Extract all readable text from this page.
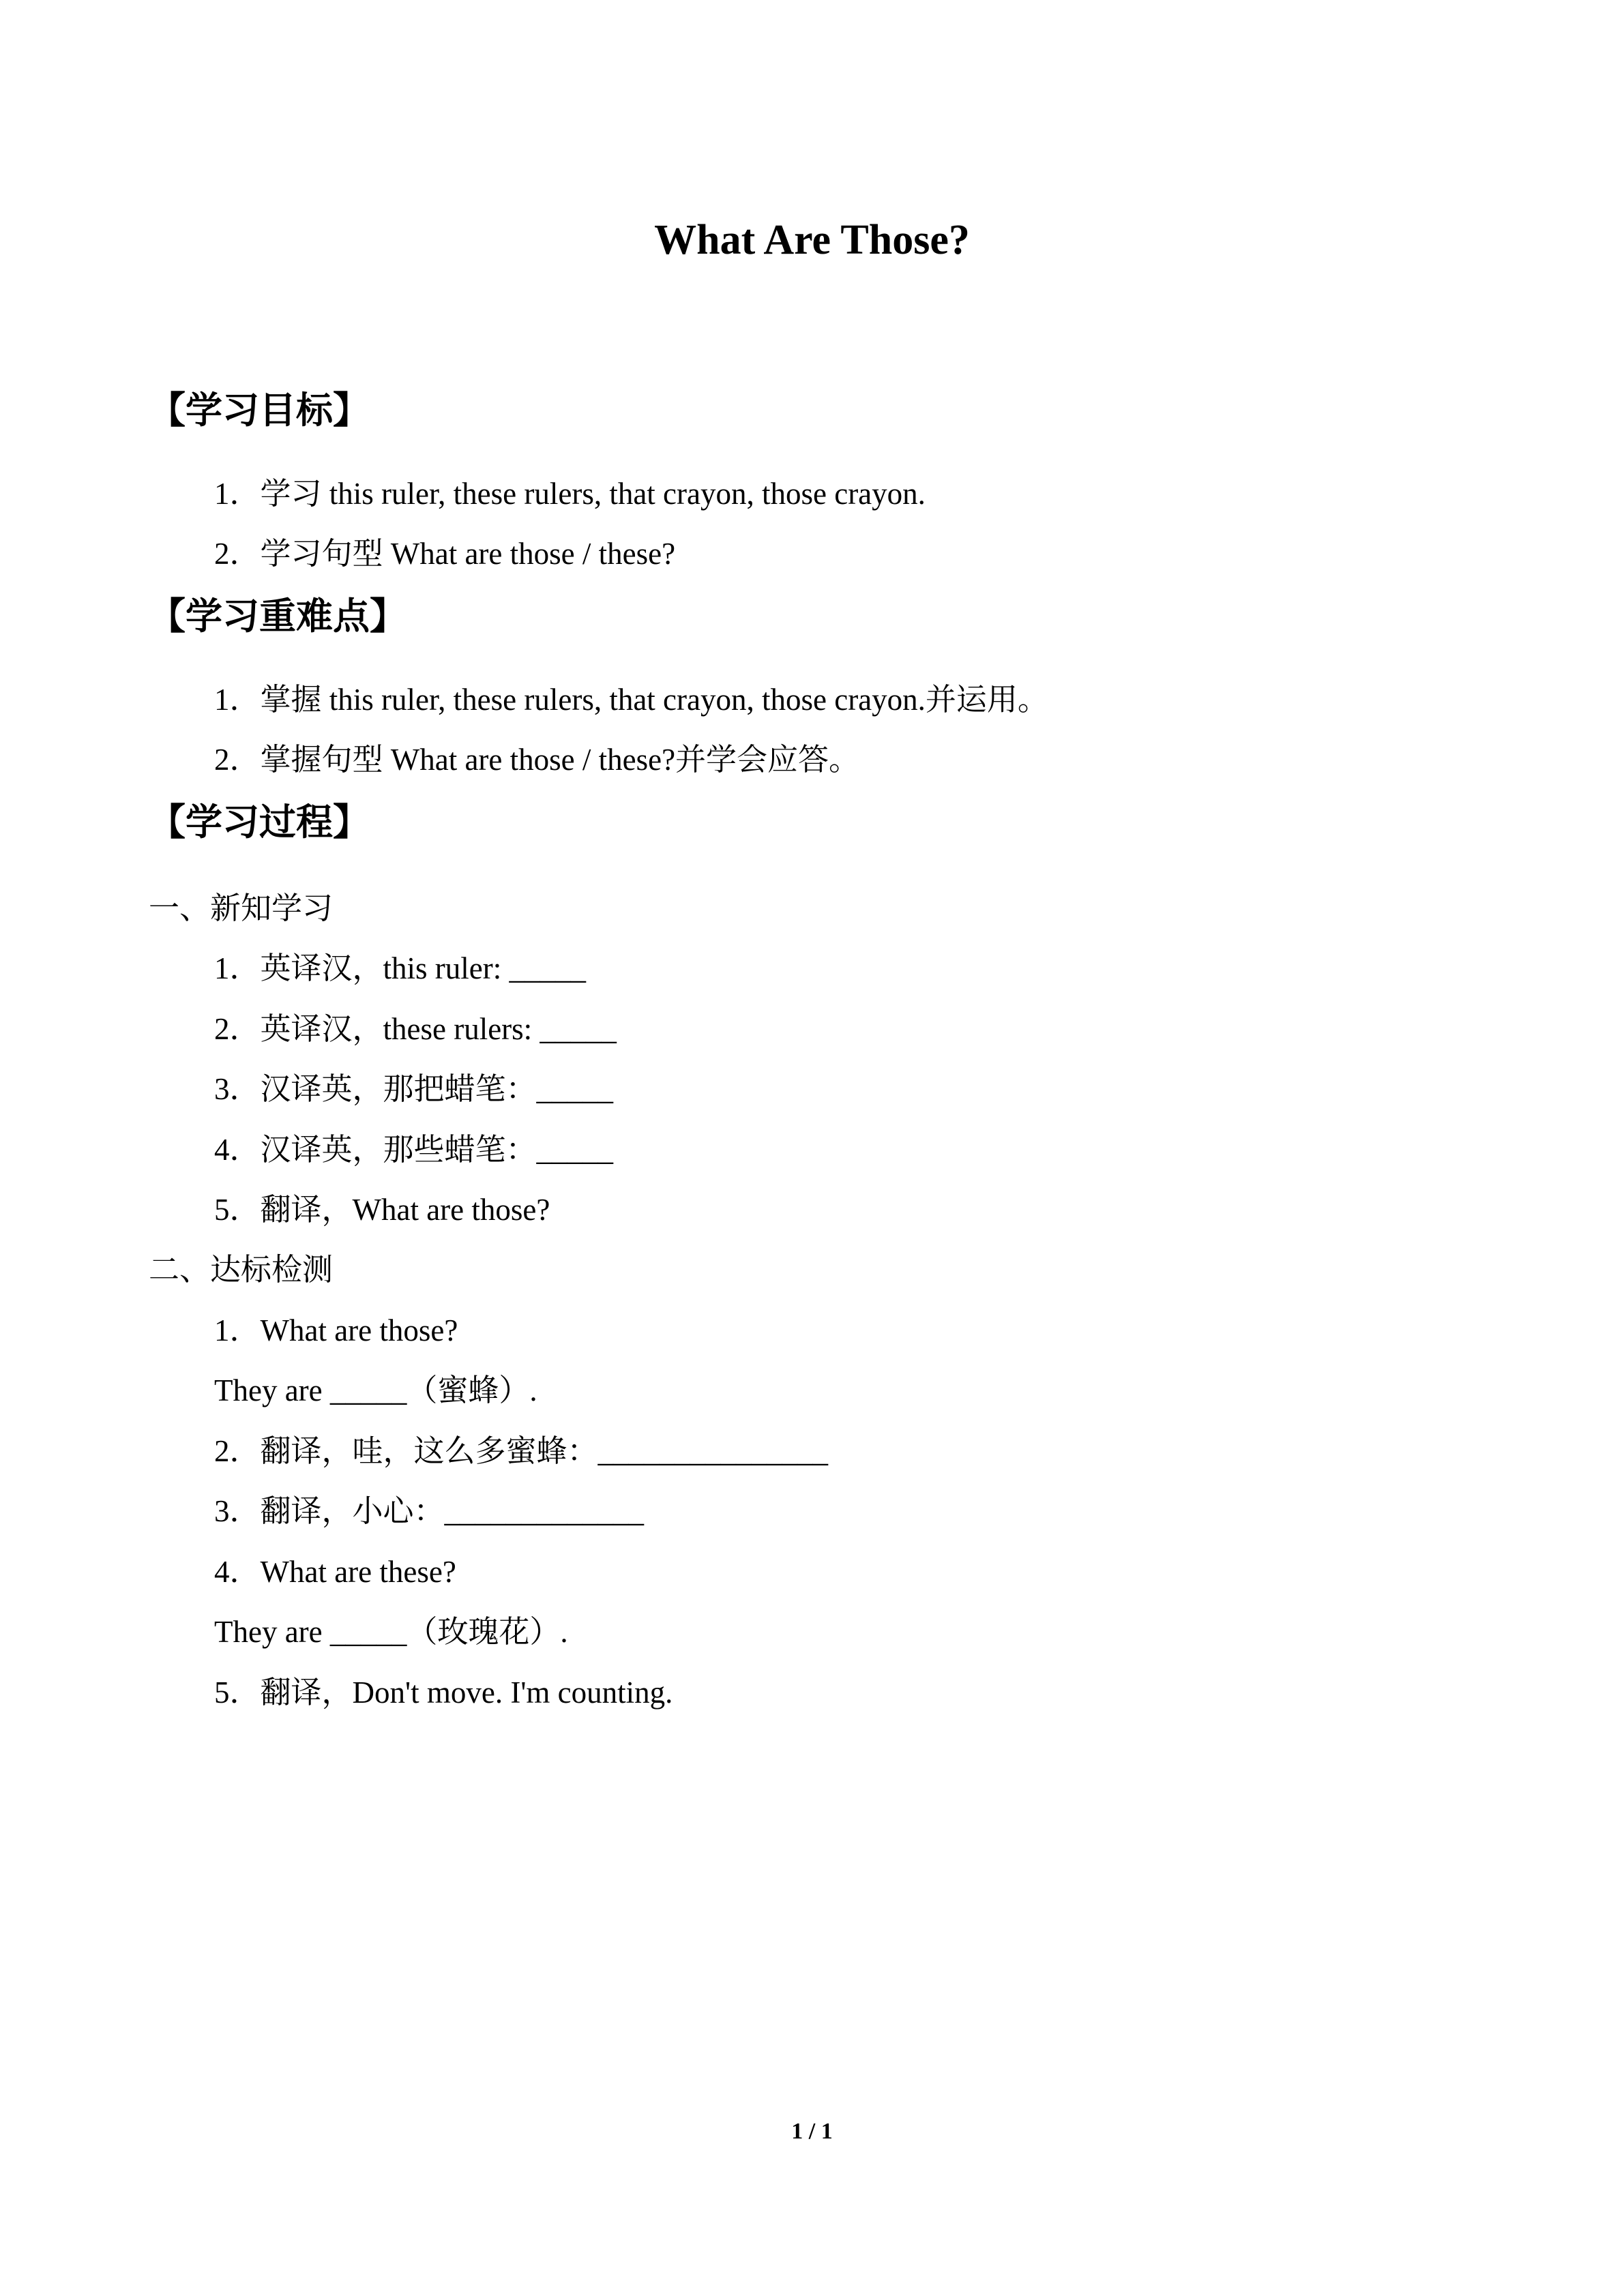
What Are Those?
【学习目标】

1．学习 this ruler, these rulers, that crayon, those crayon.

2．学习句型 What are those / these?

【学习重难点】

1．掌握 this ruler, these rulers, that crayon, those crayon.并运用。

2．掌握句型 What are those / these?并学会应答。

【学习过程】

一、新知学习

1．英译汉，this ruler: _____

2．英译汉，these rulers: _____

3．汉译英，那把蜡笔：_____

4．汉译英，那些蜡笔：_____

5．翻译，What are those?

二、达标检测

1．What are those?

They are _____（蜜蜂）.

2．翻译，哇，这么多蜜蜂：_______________

3．翻译，小心：_____________

4．What are these?

They are _____（玫瑰花）.

5．翻译，Don't move. I'm counting.

1 / 1
